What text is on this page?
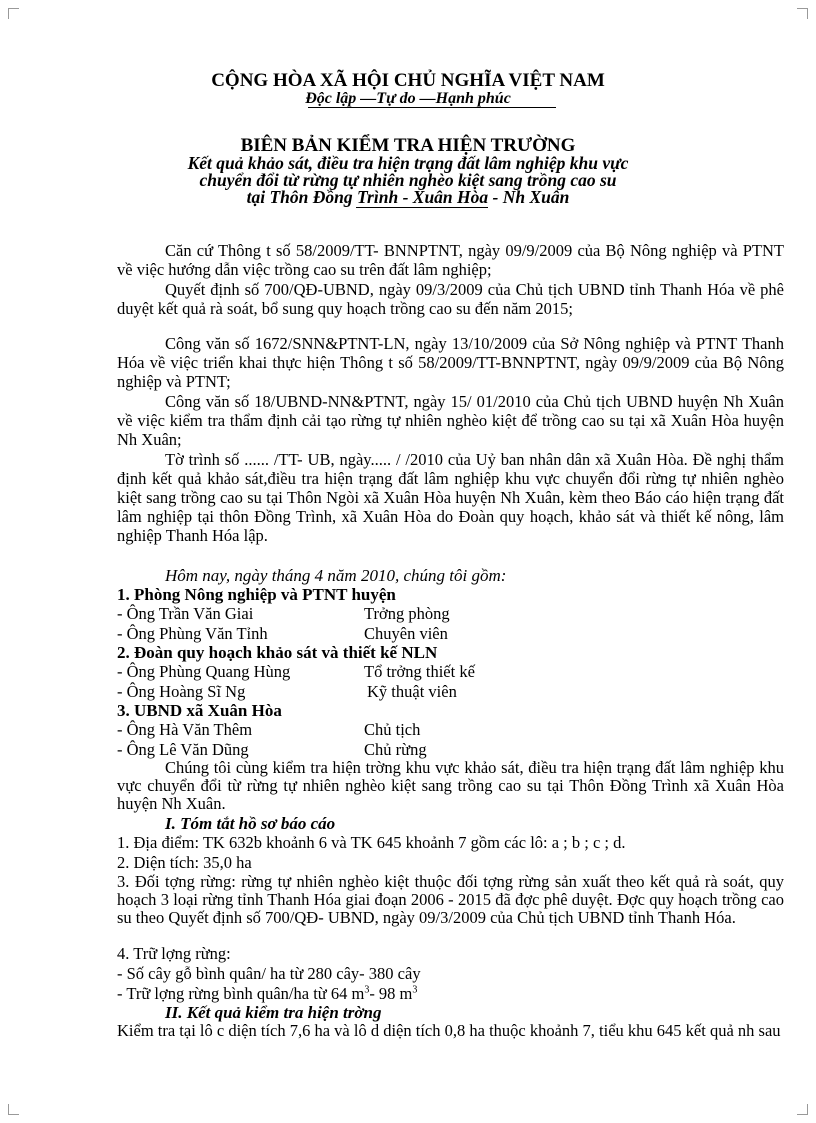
CỘNG HÒA XÃ HỘI CHỦ NGHĨA VIỆT NAM
Độc lập —Tự do —Hạnh phúc
BIÊN BẢN KIỂM TRA HIỆN TRƯỜNG
Kết quả khảo sát, điều tra hiện trạng đất lâm nghiệp khu vực
chuyển đổi từ rừng tự nhiên nghèo kiệt sang trồng cao su
tại Thôn Đồng Trình - Xuân Hòa - Nh Xuân
Căn cứ Thông t số 58/2009/TT- BNNPTNT, ngày 09/9/2009 của Bộ Nông nghiệp và PTNT về việc hướng dẫn việc trồng cao su trên đất lâm nghiệp;
Quyết định số 700/QĐ-UBND, ngày 09/3/2009 của Chủ tịch UBND tỉnh Thanh Hóa về phê duyệt kết quả rà soát, bổ sung quy hoạch trồng cao su đến năm 2015;
Công văn số 1672/SNN&PTNT-LN, ngày 13/10/2009 của Sở Nông nghiệp và PTNT Thanh Hóa về việc triển khai thực hiện Thông t số 58/2009/TT-BNNPTNT, ngày 09/9/2009 của Bộ Nông nghiệp và PTNT;
Công văn số 18/UBND-NN&PTNT, ngày 15/ 01/2010 của Chủ tịch UBND huyện Nh Xuân về việc kiểm tra thẩm định cải tạo rừng tự nhiên nghèo kiệt để trồng cao su tại xã Xuân Hòa huyện Nh Xuân;
Tờ trình số ...... /TT- UB, ngày..... / /2010 của Uỷ ban nhân dân xã Xuân Hòa. Đề nghị thẩm định kết quả khảo sát,điều tra hiện trạng đất lâm nghiệp khu vực chuyển đổi rừng tự nhiên nghèo kiệt sang trồng cao su tại Thôn Ngòi xã Xuân Hòa huyện Nh Xuân, kèm theo Báo cáo hiện trạng đất lâm nghiệp tại thôn Đồng Trình, xã Xuân Hòa do Đoàn quy hoạch, khảo sát và thiết kế nông, lâm nghiệp Thanh Hóa lập.
Hôm nay, ngày tháng 4 năm 2010, chúng tôi gồm:
1. Phòng Nông nghiệp và PTNT huyện
- Ông Trần Văn Giai	Trởng phòng
- Ông Phùng Văn Tỉnh	Chuyên viên
2. Đoàn quy hoạch khảo sát và thiết kế NLN
- Ông Phùng Quang Hùng	Tổ trởng thiết kế
- Ông Hoàng Sĩ Ng	Kỹ thuật viên
3. UBND xã Xuân Hòa
- Ông Hà Văn Thêm	Chủ tịch
- Ông Lê Văn Dũng	Chủ rừng
Chúng tôi cùng kiểm tra hiện trờng khu vực khảo sát, điều tra hiện trạng đất lâm nghiệp khu vực chuyển đổi từ rừng tự nhiên nghèo kiệt sang trồng cao su tại Thôn Đồng Trình xã Xuân Hòa huyện Nh Xuân.
I. Tóm tắt hồ sơ báo cáo
1. Địa điểm: TK 632b khoảnh 6 và TK 645 khoảnh 7 gồm các lô: a ; b ; c ; d.
2. Diện tích: 35,0 ha
3. Đối tợng rừng: rừng tự nhiên nghèo kiệt thuộc đối tợng rừng sản xuất theo kết quả rà soát, quy hoạch 3 loại rừng tỉnh Thanh Hóa giai đoạn 2006 - 2015 đã đợc phê duyệt. Đợc quy hoạch trồng cao su theo Quyết định số 700/QĐ- UBND, ngày 09/3/2009 của Chủ tịch UBND tỉnh Thanh Hóa.
4. Trữ lợng rừng:
- Số cây gỗ bình quân/ ha từ 280 cây- 380 cây
- Trữ lợng rừng bình quân/ha từ 64 $m^3-$ 98 $m^3$
II. Kết quả kiểm tra hiện trờng
Kiểm tra tại lô c diện tích 7,6 ha và lô d diện tích 0,8 ha thuộc khoảnh 7, tiểu khu 645 kết quả nh sau
